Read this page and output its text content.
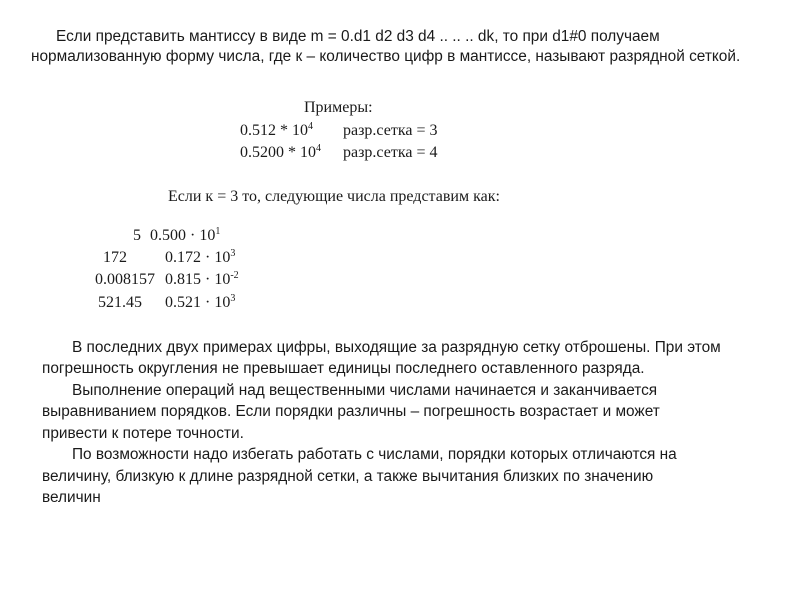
Если представить мантиссу в виде m = 0.d1 d2 d3 d4 .. .. .. dk, то при d1#0 получаем
нормализованную форму числа, где к – количество цифр в мантиссе, называют разрядной сеткой.
Примеры:
$0.512 * 10^4$ разр.сетка = 3
$0.5200 * 10^4$ разр.сетка = 4
Если к = 3 то, следующие числа представим как:
5 $0.500 \cdot 10^1$
172 $0.172 \cdot 10^3$
0.008157 $0.815 \cdot 10^{-2}$
521.45 $0.521 \cdot 10^3$
В последних двух примерах цифры, выходящие за разрядную сетку отброшены. При этом
погрешность округления не превышает единицы последнего оставленного разряда.
Выполнение операций над вещественными числами начинается и заканчивается
выравниванием порядков. Если порядки различны – погрешность возрастает и может
привести к потере точности.
По возможности надо избегать работать с числами, порядки которых отличаются на
величину, близкую к длине разрядной сетки, а также вычитания близких по значению
величин
